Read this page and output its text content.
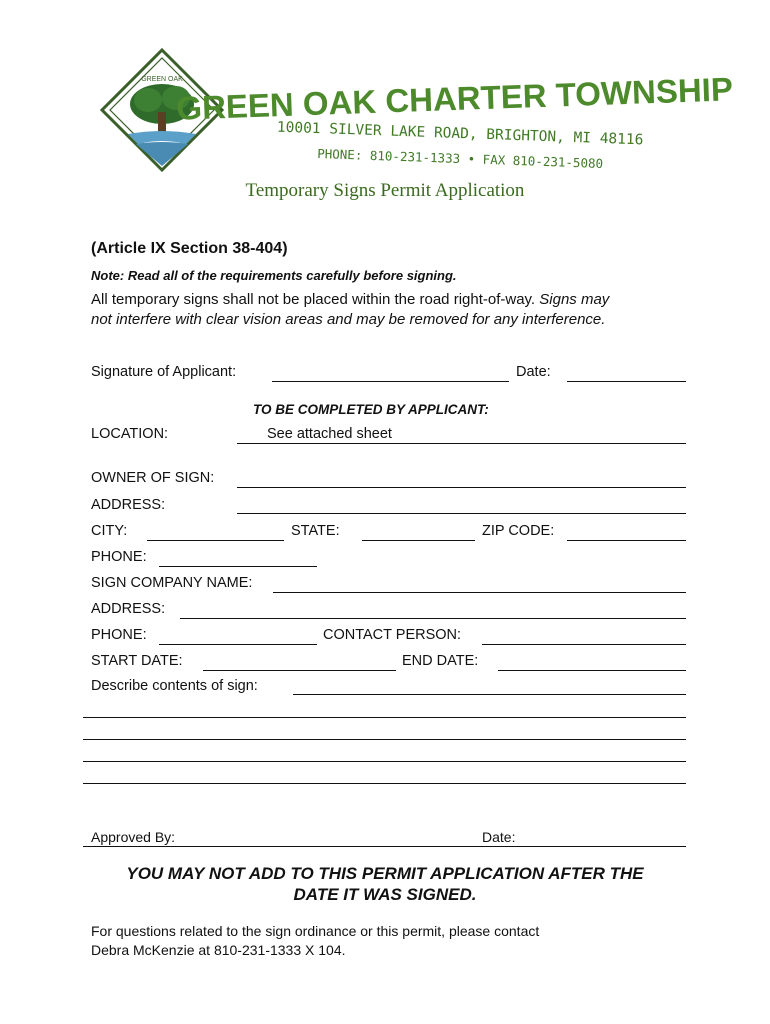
GREEN OAK
GREEN OAK CHARTER TOWNSHIP
10001 SILVER LAKE ROAD, BRIGHTON, MI 48116
PHONE: 810-231-1333 • FAX 810-231-5080
Temporary Signs Permit Application
(Article IX Section 38-404)
Note: Read all of the requirements carefully before signing.
All temporary signs shall not be placed within the road right-of-way. Signs may
not interfere with clear vision areas and may be removed for any interference.
Signature of Applicant:	Date:
TO BE COMPLETED BY APPLICANT:
LOCATION:	See attached sheet
OWNER OF SIGN:
ADDRESS:
CITY:	STATE:	ZIP CODE:
PHONE:
SIGN COMPANY NAME:
ADDRESS:
PHONE:	CONTACT PERSON:
START DATE:	END DATE:
Describe contents of sign:
Approved By:	Date:
YOU MAY NOT ADD TO THIS PERMIT APPLICATION AFTER THE
DATE IT WAS SIGNED.
For questions related to the sign ordinance or this permit, please contact
Debra McKenzie at 810-231-1333 X 104.
